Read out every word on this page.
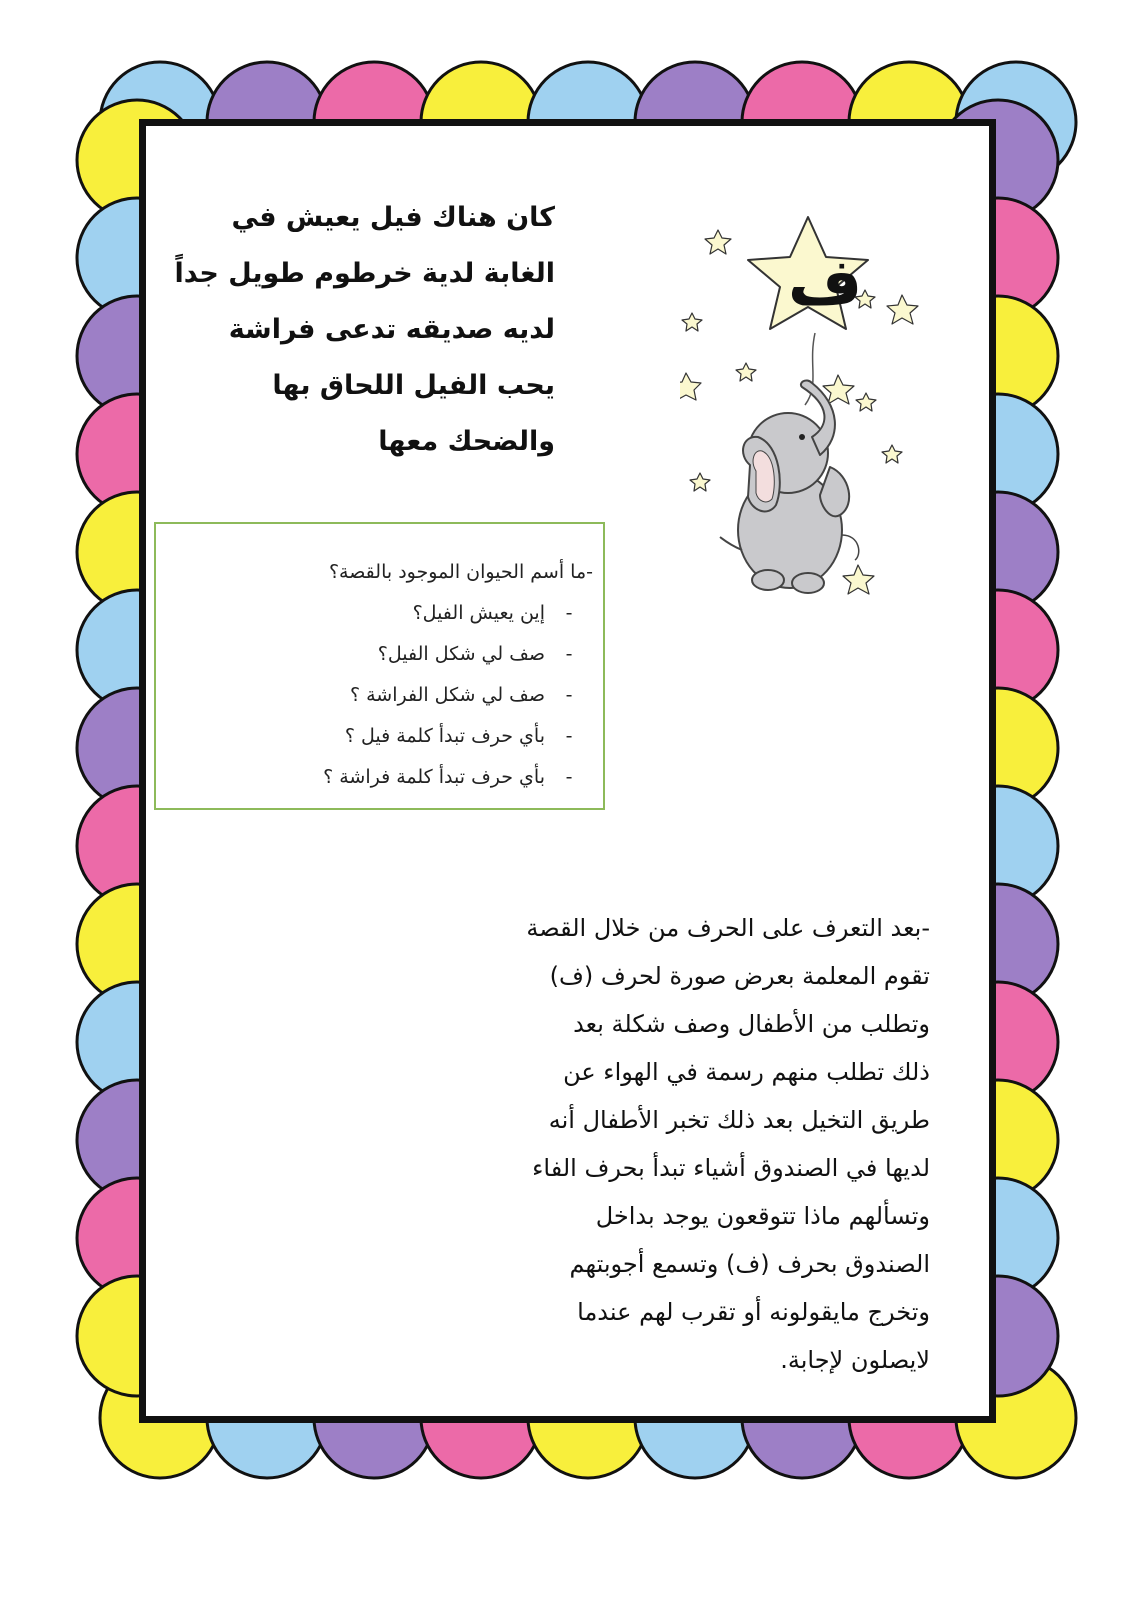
ف
كان هناك فيل يعيش في
الغابة لدية خرطوم طويل جداً
لديه صديقه تدعى فراشة
يحب الفيل اللحاق بها
والضحك معها
-ما أسم الحيوان الموجود بالقصة؟
-إين يعيش الفيل؟
-صف لي شكل الفيل؟
-صف لي شكل الفراشة ؟
-بأي حرف تبدأ كلمة فيل ؟
-بأي حرف تبدأ كلمة فراشة ؟
-بعد التعرف على الحرف من خلال القصة
تقوم المعلمة بعرض صورة لحرف (ف)
وتطلب من الأطفال وصف شكلة بعد
ذلك تطلب منهم رسمة في الهواء عن
طريق التخيل بعد ذلك تخبر الأطفال أنه
لديها في الصندوق أشياء تبدأ بحرف الفاء
وتسألهم ماذا تتوقعون يوجد بداخل
الصندوق بحرف (ف) وتسمع أجوبتهم
وتخرج مايقولونه أو تقرب لهم عندما
لايصلون لإجابة.
